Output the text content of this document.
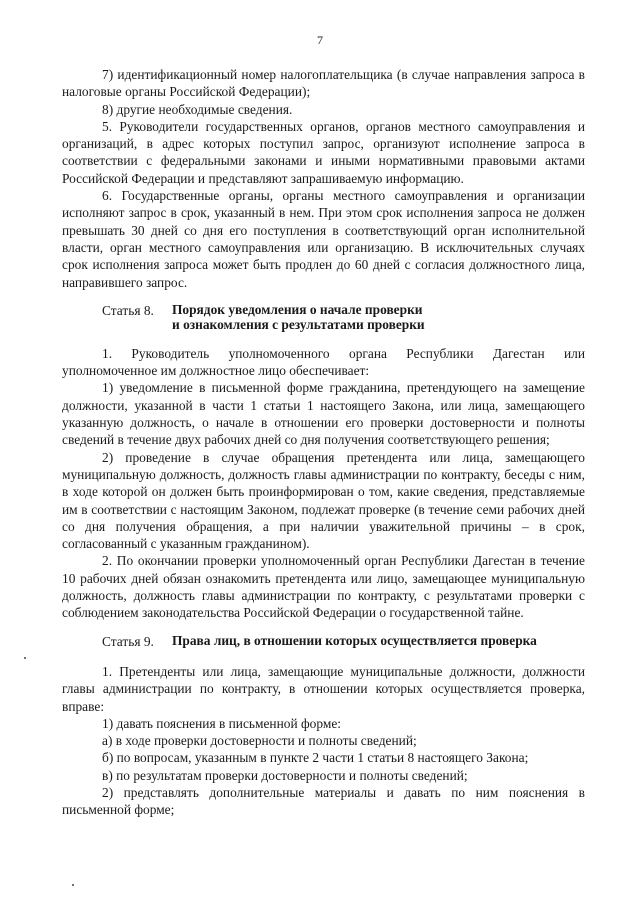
7

7) идентификационный номер налогоплательщика (в случае направления запроса в налоговые органы Российской Федерации);

8) другие необходимые сведения.

5. Руководители государственных органов, органов местного самоуправления и организаций, в адрес которых поступил запрос, организуют исполнение запроса в соответствии с федеральными законами и иными нормативными правовыми актами Российской Федерации и представляют запрашиваемую информацию.

6. Государственные органы, органы местного самоуправления и организации исполняют запрос в срок, указанный в нем. При этом срок исполнения запроса не должен превышать 30 дней со дня его поступления в соответствующий орган исполнительной власти, орган местного самоуправления или организацию. В исключительных случаях срок исполнения запроса может быть продлен до 60 дней с согласия должностного лица, направившего запрос.

Статья 8.	Порядок уведомления о начале проверки
и ознакомления с результатами проверки

1. Руководитель уполномоченного органа Республики Дагестан или уполномоченное им должностное лицо обеспечивает:

1) уведомление в письменной форме гражданина, претендующего на замещение должности, указанной в части 1 статьи 1 настоящего Закона, или лица, замещающего указанную должность, о начале в отношении его проверки достоверности и полноты сведений в течение двух рабочих дней со дня получения соответствующего решения;

2) проведение в случае обращения претендента или лица, замещающего муниципальную должность, должность главы администрации по контракту, беседы с ним, в ходе которой он должен быть проинформирован о том, какие сведения, представляемые им в соответствии с настоящим Законом, подлежат проверке (в течение семи рабочих дней со дня получения обращения, а при наличии уважительной причины – в срок, согласованный с указанным гражданином).

2. По окончании проверки уполномоченный орган Республики Дагестан в течение 10 рабочих дней обязан ознакомить претендента или лицо, замещающее муниципальную должность, должность главы администрации по контракту, с результатами проверки с соблюдением законодательства Российской Федерации о государственной тайне.

Статья 9.	Права лиц, в отношении которых осуществляется проверка

1. Претенденты или лица, замещающие муниципальные должности, должности главы администрации по контракту, в отношении которых осуществляется проверка, вправе:

1) давать пояснения в письменной форме:

а) в ходе проверки достоверности и полноты сведений;

б) по вопросам, указанным в пункте 2 части 1 статьи 8 настоящего Закона;

в) по результатам проверки достоверности и полноты сведений;

2) представлять дополнительные материалы и давать по ним пояснения в письменной форме;
